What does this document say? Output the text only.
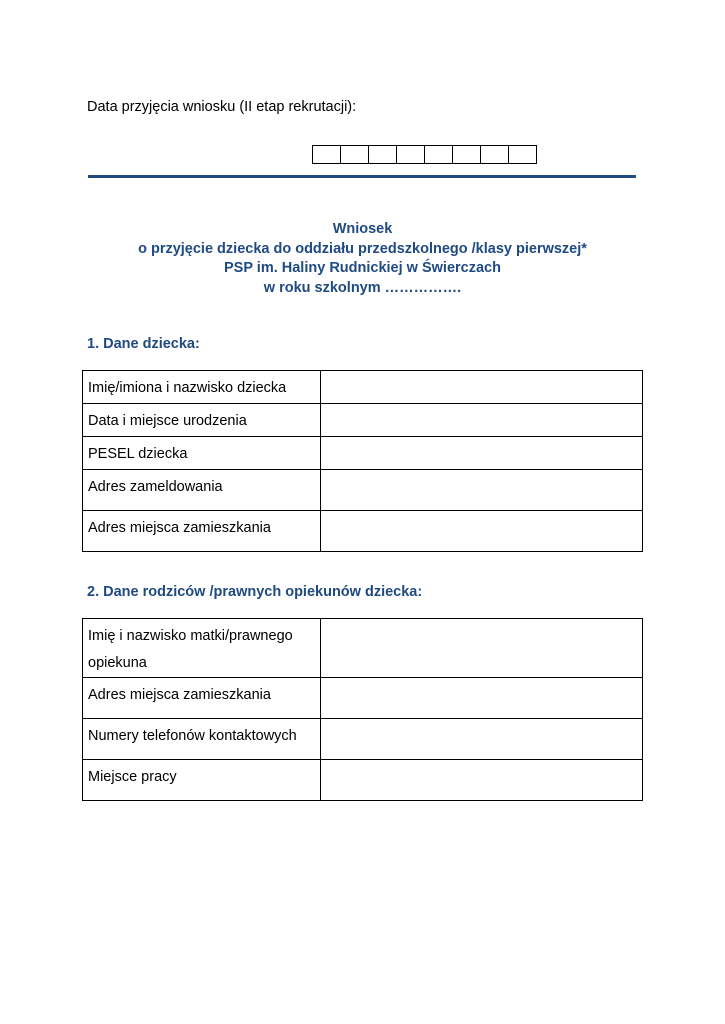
Data przyjęcia wniosku (II etap rekrutacji):
Wniosek
o przyjęcie dziecka do oddziału przedszkolnego /klasy pierwszej*
PSP im. Haliny Rudnickiej w Świerczach
w roku szkolnym …………….
1. Dane dziecka:
Imię/imiona i nazwisko dziecka	
Data i miejsce urodzenia	
PESEL dziecka	
Adres zameldowania	
Adres miejsca zamieszkania	
2. Dane rodziców /prawnych opiekunów dziecka:
Imię i nazwisko matki/prawnego opiekuna	
Adres miejsca zamieszkania	
Numery telefonów kontaktowych	
Miejsce pracy	
